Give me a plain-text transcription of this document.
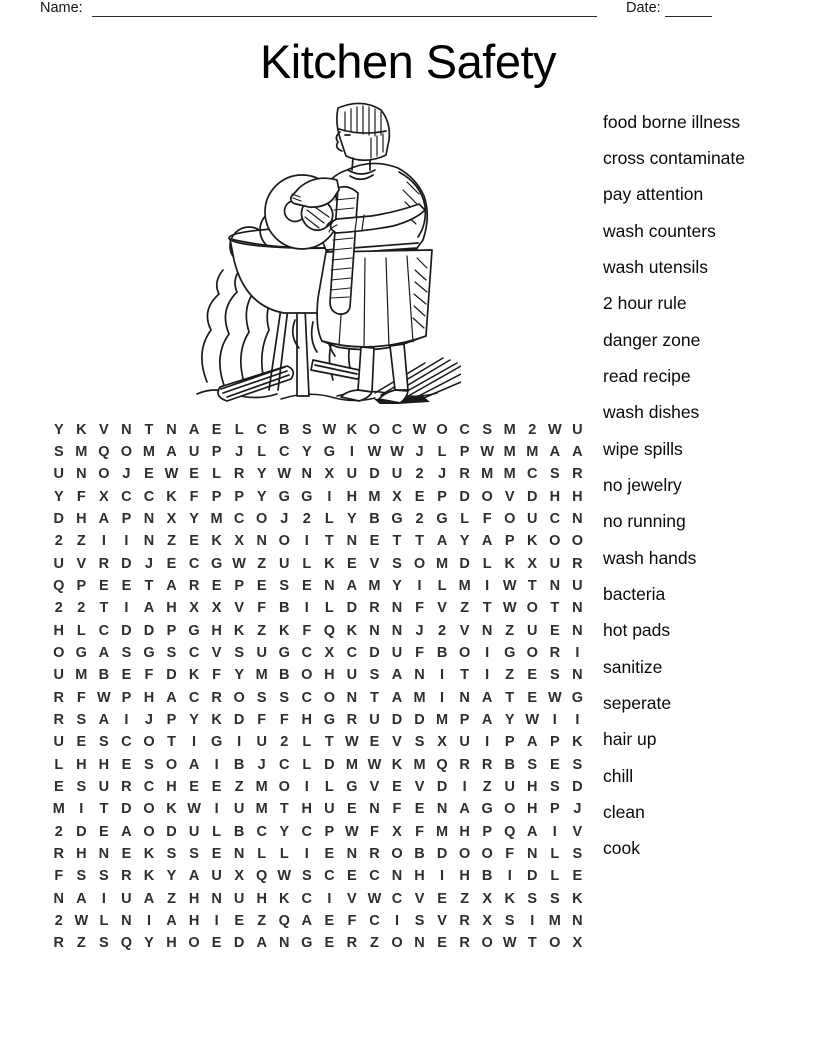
Name:	Date:
Kitchen Safety
food borne illness
cross contaminate
pay attention
wash counters
wash utensils
2 hour rule
danger zone
read recipe
wash dishes
wipe spills
no jewelry
no running
wash hands
bacteria
hot pads
sanitize
seperate
hair up
chill
clean
cook
Y K V N T N A E L C B S W K O C W O C S M 2 W U
S M Q O M A U P J L C Y G	I W W J L P W M M A A
U N O J E W E L R Y W N X U D U 2 J R M M C S R
Y F X C C K F P P Y G G	I	H M X E P D O V D H H
D H A P N X Y M C O J 2 L Y B G 2 G L F O U C N
2 Z	I	I	N Z E K X N O	I	T N E T T A Y A P K O O
U V R D J E C G W Z U L K E V S O M D L K X U R
Q P E E T A R E P E S E N A M Y	I	L M I W T N U
2 2 T	I	A H X X V F B	I	L D R N F V Z T W O T N
H L C D D P G H K Z K F Q K N N J 2 V N Z U E N
O G A S G S C V S U G C X C D U F B O	I	G O R	I
U M B E F D K F Y M B O H U S A N	I	T	I	Z E S N
R F W P H A C R O S S C O N T A M I	N A T E W G
R S A	I	J P Y K D F F H G R U D D M P A Y W I	I
U E S C O T	I	G	I	U 2 L T W E V S X U	I	P A P K
L H H E S O A	I	B J C L D M W K M Q R R B S E S
E S U R C H E E Z M O	I	L G V E V D	I	Z U H S D
M I	T D O K W I	U M T H U E N F E N A G O H P J
2 D E A O D U L B C Y C P W F X F M H P Q A	I	V
R H N E K S S E N L L	I	E N R O B D O O F N L S
F S S R K Y A U X Q W S C E C N H	I	H B	I	D L E
N A	I	U A Z H N U H K C	I	V W C V E Z X K S S K
2 W L N	I	A H	I	E Z Q A E F C	I	S V R X S	I M N
R Z S Q Y H O E D A N G E R Z O N E R O W T O X
